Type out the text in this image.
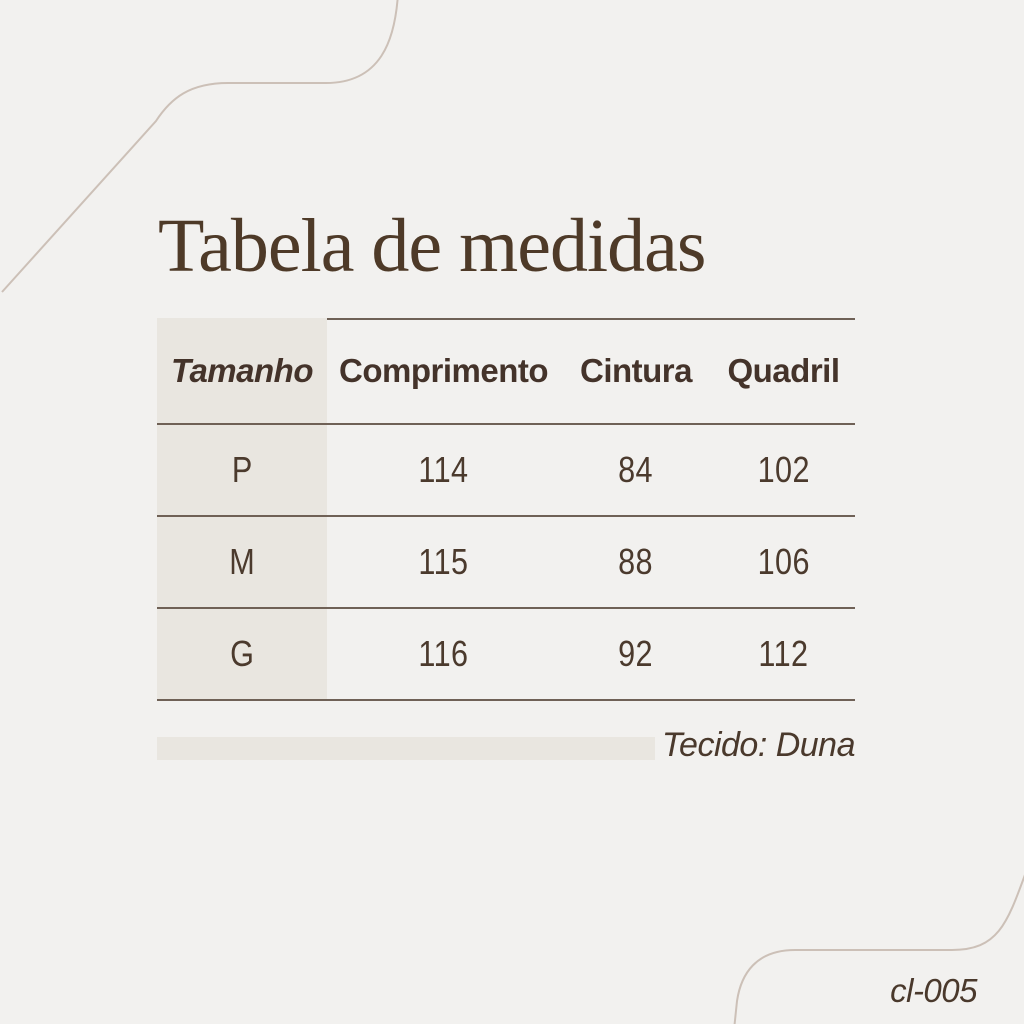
Tabela de medidas
Tamanho Comprimento Cintura Quadril
P	114	84	102
M	115	88	106
G	116	92	112
Tecido: Duna
cl-005
